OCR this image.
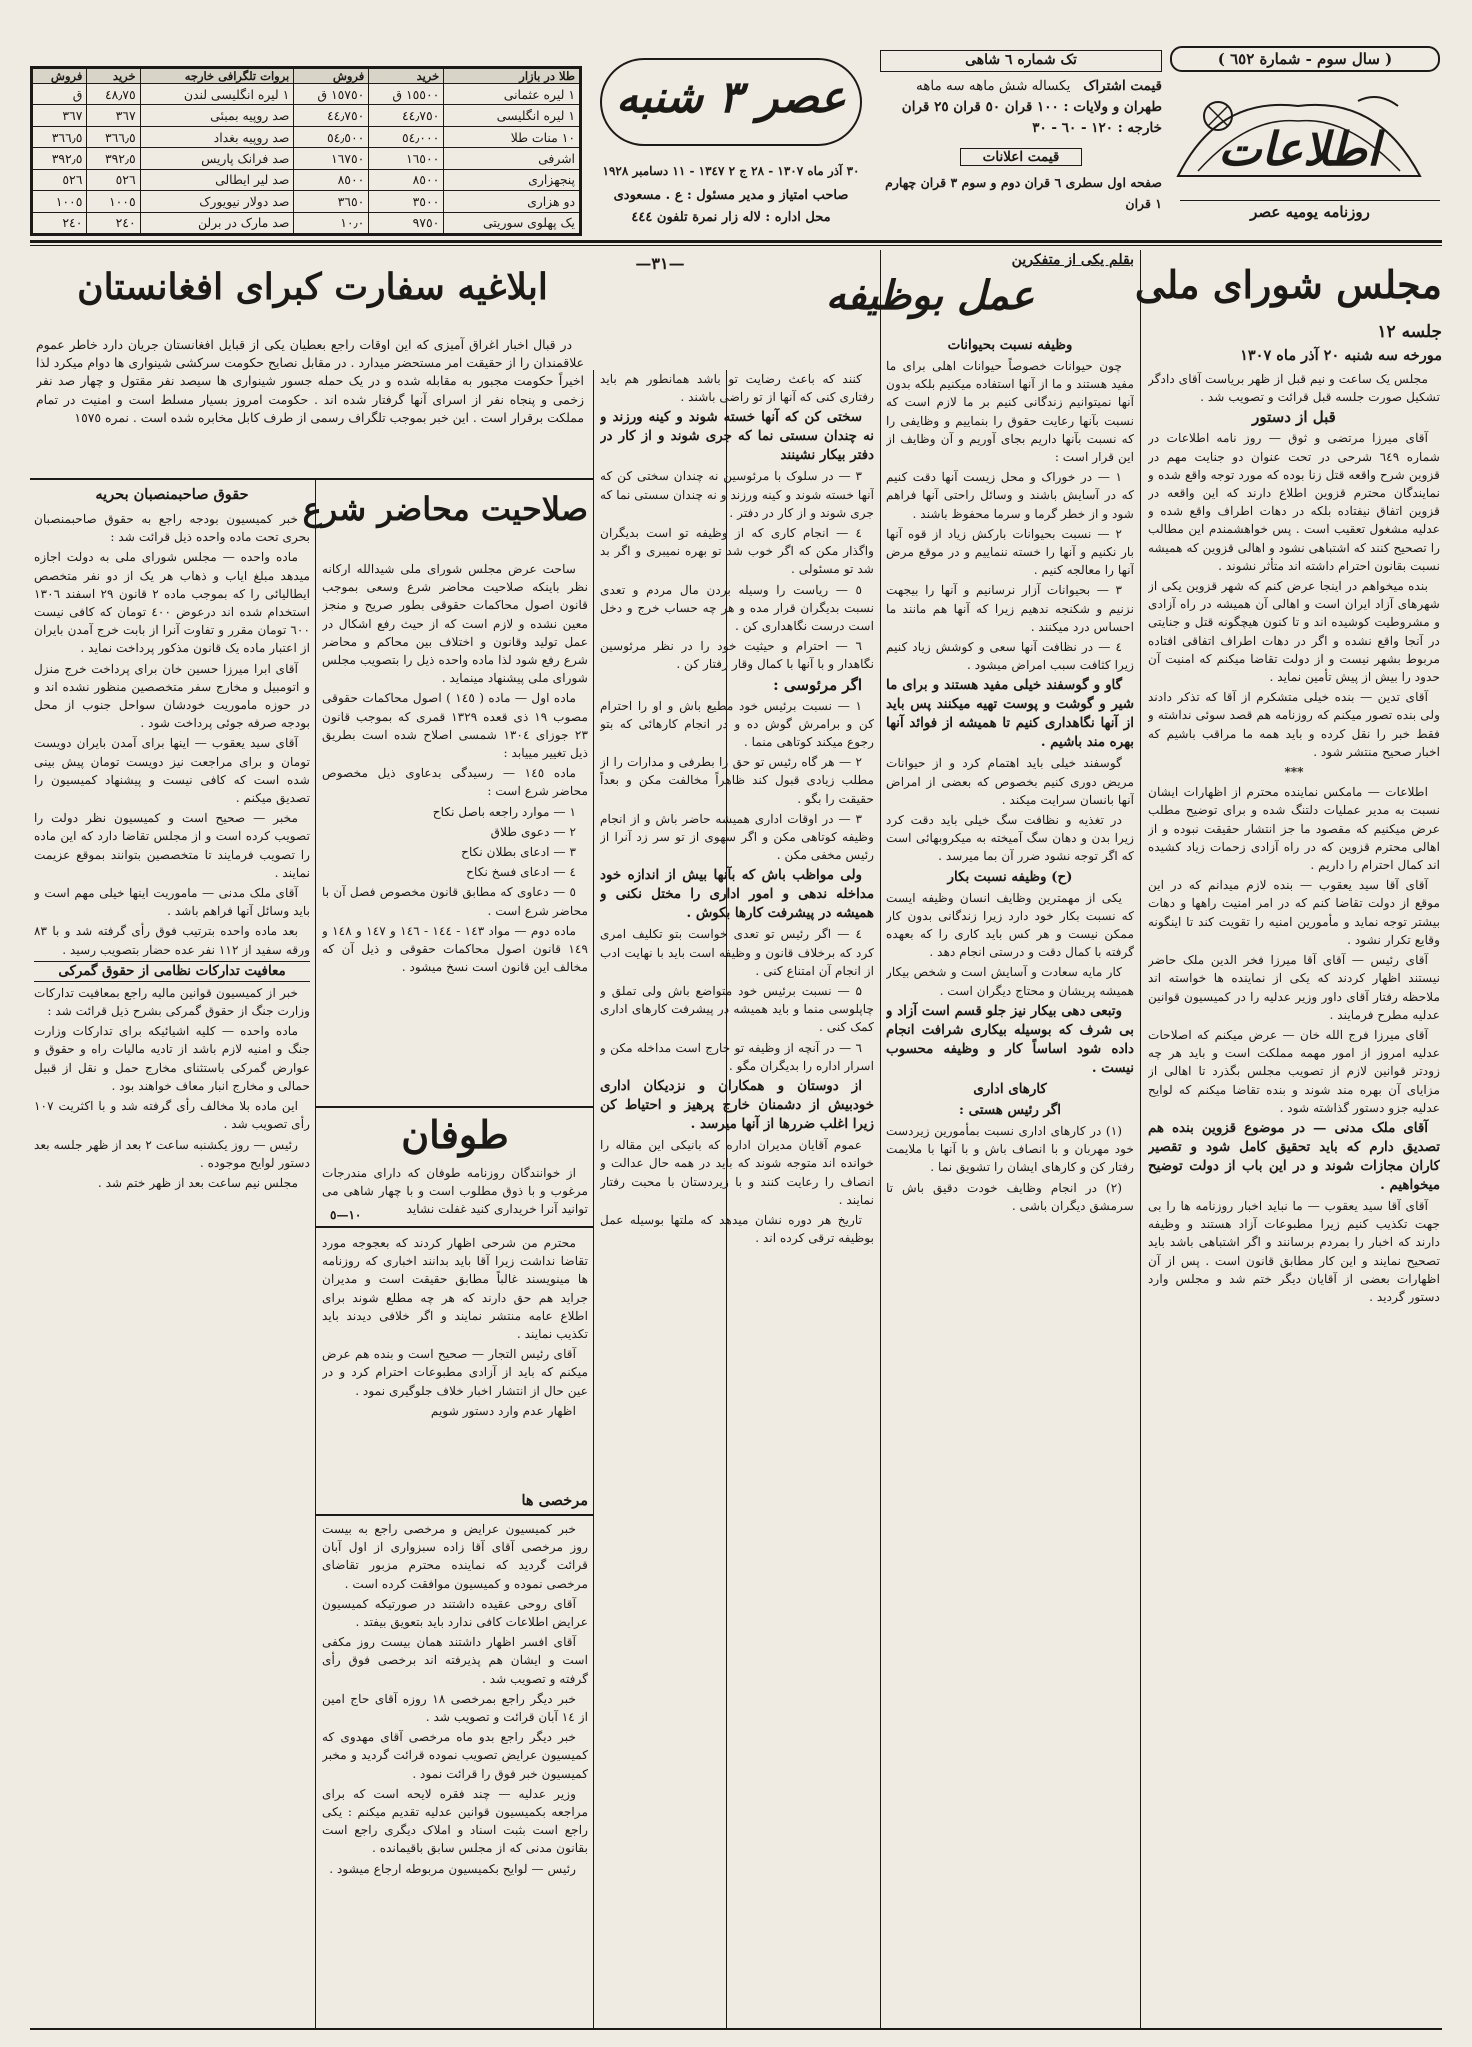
( سال سوم - شمارة ٦٥٢ )
اطلاعات
روزنامه یومیه عصر
تک شماره ٦ شاهی
قیمت اشتراک   یکساله شش ماهه سه ماهه
طهران و ولایات : ١٠٠ قران ٥٠ قران ٢٥ قران
خارجه : ١٢٠ - ٦٠ - ٣٠
قیمت اعلانات
صفحه اول سطری ٦ قران دوم و سوم ٣ قران چهارم ١ قران
عصر ٣ شنبه
٣٠ آذر ماه ١٣٠٧ - ٢٨ ج ٢ ١٣٤٧ - ١١ دسامبر ١٩٢٨
صاحب امتیاز و مدیر مسئول : ع . مسعودی
محل اداره : لاله زار نمرة تلفون ٤٤٤
طلا در بازار	خرید	فروش	بروات تلگرافی خارجه	خرید	فروش
١ لیره عثمانی	١٥٥٠٠ ق	١٥٧٥٠ ق	١ لیره انگلیسی لندن	٤٨٫٧٥	ق
١ لیره انگلیسی	٤٤٫٧٥٠	٤٤٫٧٥٠	صد روپیه بمبئی	٣٦٧	٣٦٧
١٠ منات طلا	٥٤٫٠٠٠	٥٤٫٥٠٠	صد روپیه بغداد	٣٦٦٫٥	٣٦٦٫٥
اشرفی	١٦٥٠٠	١٦٧٥٠	صد فرانک پاریس	٣٩٢٫٥	٣٩٢٫٥
پنجهزاری	٨٥٠٠	٨٥٠٠	صد لیر ایطالی	٥٢٦	٥٢٦
دو هزاری	٣٥٠٠	٣٦٥٠	صد دولار نیویورک	١٠٠٥	١٠٠٥
یک پهلوی سوریتی	٩٧٥٠	١٠٫٠	صد مارک در برلن	٢٤٠	٢٤٠
مجلس شورای ملی
جلسه ١٢
مورخه سه شنبه ٢٠ آذر ماه ١٣٠٧

مجلس یک ساعت و نیم قبل از ظهر بریاست آقای دادگر تشکیل صورت جلسه قبل قرائت و تصویب شد .

قبل از دستور

آقای میرزا مرتضی و ثوق — روز نامه اطلاعات در شماره ٦٤٩ شرحی در تحت عنوان دو جنایت مهم در قزوین شرح واقعه قتل زنا بوده که مورد توجه واقع شده و نمایندگان محترم قزوین اطلاع دارند که این واقعه در قزوین اتفاق نیفتاده بلکه در دهات اطراف واقع شده و عدلیه مشغول تعقیب است . پس خواهشمندم این مطالب را تصحیح کنند که اشتباهی نشود و اهالی قزوین که همیشه نسبت بقانون احترام داشته اند متأثر نشوند .

بنده میخواهم در اینجا عرض کنم که شهر قزوین یکی از شهرهای آزاد ایران است و اهالی آن همیشه در راه آزادی و مشروطیت کوشیده اند و تا کنون هیچگونه قتل و جنایتی در آنجا واقع نشده و اگر در دهات اطراف اتفاقی افتاده مربوط بشهر نیست و از دولت تقاضا میکنم که امنیت آن حدود را بیش از پیش تأمین نماید .

آقای تدین — بنده خیلی متشکرم از آقا که تذکر دادند ولی بنده تصور میکنم که روزنامه هم قصد سوئی نداشته و فقط خبر را نقل کرده و باید همه ما مراقب باشیم که اخبار صحیح منتشر شود .

***

اطلاعات — مامکس نماینده محترم از اظهارات ایشان نسبت به مدیر عملیات دلتنگ شده و برای توضیح مطلب عرض میکنیم که مقصود ما جز انتشار حقیقت نبوده و از اهالی محترم قزوین که در راه آزادی زحمات زیاد کشیده اند کمال احترام را داریم .

آقای آقا سید یعقوب — بنده لازم میدانم که در این موقع از دولت تقاضا کنم که در امر امنیت راهها و دهات بیشتر توجه نماید و مأمورین امنیه را تقویت کند تا اینگونه وقایع تکرار نشود .

آقای رئیس — آقای آقا میرزا فخر الدین ملک حاضر نیستند اظهار کردند که یکی از نماینده ها خواسته اند ملاحظه رفتار آقای داور وزیر عدلیه را در کمیسیون قوانین عدلیه مطرح فرمایند .

آقای میرزا فرج الله خان — عرض میکنم که اصلاحات عدلیه امروز از امور مهمه مملکت است و باید هر چه زودتر قوانین لازم از تصویب مجلس بگذرد تا اهالی از مزایای آن بهره مند شوند و بنده تقاضا میکنم که لوایح عدلیه جزو دستور گذاشته شود .

آقای ملک مدنی — در موضوع قزوین بنده هم تصدیق دارم که باید تحقیق کامل شود و تقصیر کاران مجازات شوند و در این باب از دولت توضیح میخواهیم .

آقای آقا سید یعقوب — ما نباید اخبار روزنامه ها را بی جهت تکذیب کنیم زیرا مطبوعات آزاد هستند و وظیفه دارند که اخبار را بمردم برسانند و اگر اشتباهی باشد باید تصحیح نمایند و این کار مطابق قانون است . پس از آن اظهارات بعضی از آقایان دیگر ختم شد و مجلس وارد دستور گردید .

بقلم یکی از متفکرین
—٣١—
عمل بوظیفه

وظیفه نسبت بحیوانات

چون حیوانات خصوصاً حیوانات اهلی برای ما مفید هستند و ما از آنها استفاده میکنیم بلکه بدون آنها نمیتوانیم زندگانی کنیم بر ما لازم است که نسبت بآنها رعایت حقوق را بنماییم و وظایفی را که نسبت بآنها داریم بجای آوریم و آن وظایف از این قرار است :

١ — در خوراک و محل زیست آنها دقت کنیم که در آسایش باشند و وسائل راحتی آنها فراهم شود و از خطر گرما و سرما محفوظ باشند .

٢ — نسبت بحیوانات بارکش زیاد از قوه آنها بار نکنیم و آنها را خسته ننماییم و در موقع مرض آنها را معالجه کنیم .

٣ — بحیوانات آزار نرسانیم و آنها را بیجهت نزنیم و شکنجه ندهیم زیرا که آنها هم مانند ما احساس درد میکنند .

٤ — در نظافت آنها سعی و کوشش زیاد کنیم زیرا کثافت سبب امراض میشود .

گاو و گوسفند خیلی مفید هستند و برای ما شیر و گوشت و پوست تهیه میکنند پس باید از آنها نگاهداری کنیم تا همیشه از فوائد آنها بهره مند باشیم .

گوسفند خیلی باید اهتمام کرد و از حیوانات مریض دوری کنیم بخصوص که بعضی از امراض آنها بانسان سرایت میکند .

در تغذیه و نظافت سگ خیلی باید دقت کرد زیرا بدن و دهان سگ آمیخته به میکروبهائی است که اگر توجه نشود ضرر آن بما میرسد .

(ح) وظیفه نسبت بکار

یکی از مهمترین وظایف انسان وظیفه ایست که نسبت بکار خود دارد زیرا زندگانی بدون کار ممکن نیست و هر کس باید کاری را که بعهده گرفته با کمال دقت و درستی انجام دهد .

کار مایه سعادت و آسایش است و شخص بیکار همیشه پریشان و محتاج دیگران است .

وتبعی دهی بیکار نیز جلو قسم است آزاد و بی شرف که بوسیله بیکاری شرافت انجام داده شود اساساً کار و وظیفه محسوب نیست .

کارهای اداری

اگر رئیس هستی :

(١) در کارهای اداری نسبت بمأمورین زیردست خود مهربان و با انصاف باش و با آنها با ملایمت رفتار کن و کارهای ایشان را تشویق نما .

(٢) در انجام وظایف خودت دقیق باش تا سرمشق دیگران باشی .

کنند که باعث رضایت تو باشد همانطور هم باید رفتاری کنی که آنها از تو راضی باشند .

سختی کن که آنها خسته شوند و کینه ورزند و نه چندان سستی نما که جری شوند و از کار در دفتر بیکار نشینند

٣ — در سلوک با مرئوسین نه چندان سختی کن که آنها خسته شوند و کینه ورزند و نه چندان سستی نما که جری شوند و از کار در دفتر .

٤ — انجام کاری که از وظیفه تو است بدیگران واگذار مکن که اگر خوب شد تو بهره نمیبری و اگر بد شد تو مسئولی .

٥ — ریاست را وسیله بردن مال مردم و تعدی نسبت بدیگران قرار مده و هر چه حساب خرج و دخل است درست نگاهداری کن .

٦ — احترام و حیثیت خود را در نظر مرئوسین نگاهدار و با آنها با کمال وقار رفتار کن .

اگر مرئوسی :

١ — نسبت برئیس خود مطیع باش و او را احترام کن و برامرش گوش ده و در انجام کارهائی که بتو رجوع میکند کوتاهی منما .

٢ — هر گاه رئیس تو حق را بطرفی و مدارات را از مطلب زیادی قبول کند ظاهراً مخالفت مکن و بعداً حقیقت را بگو .

٣ — در اوقات اداری همیشه حاضر باش و از انجام وظیفه کوتاهی مکن و اگر سهوی از تو سر زد آنرا از رئیس مخفی مکن .

ولی مواظب باش که بآنها بیش از اندازه خود مداخله ندهی و امور اداری را مختل نکنی و همیشه در پیشرفت کارها بکوش .

٤ — اگر رئیس تو تعدی خواست بتو تکلیف امری کرد که برخلاف قانون و وظیفه است باید با نهایت ادب از انجام آن امتناع کنی .

۵ — نسبت برئیس خود متواضع باش ولی تملق و چاپلوسی منما و باید همیشه در پیشرفت کارهای اداری کمک کنی .

٦ — در آنچه از وظیفه تو خارج است مداخله مکن و اسرار اداره را بدیگران مگو .

از دوستان و همکاران و نزدیکان اداری خودبیش از دشمنان خارج پرهیز و احتیاط کن زیرا اغلب ضررها از آنها میرسد .

عموم آقایان مدیران اداره که بانیکی این مقاله را خوانده اند متوجه شوند که باید در همه حال عدالت و انصاف را رعایت کنند و با زیردستان با محبت رفتار نمایند .

تاریخ هر دوره نشان میدهد که ملتها بوسیله عمل بوظیفه ترقی کرده اند .

ابلاغیه سفارت کبرای افغانستان

در قبال اخبار اغراق آمیزی که این اوقات راجع بعطیان یکی از قبایل افغانستان جریان دارد خاطر عموم علاقمندان را از حقیقت امر مستحضر میدارد . در مقابل نصایح حکومت سرکشی شینواری ها دوام میکرد لذا اخیراً حکومت مجبور به مقابله شده و در یک حمله جسور شینواری ها سیصد نفر مقتول و چهار صد نفر زخمی و پنجاه نفر از اسرای آنها گرفتار شده اند . حکومت امروز بسیار مسلط است و امنیت در تمام مملکت برقرار است . این خبر بموجب تلگراف رسمی از طرف کابل مخابره شده است . نمره ١٥٧٥

حقوق صاحبمنصبان بحریه

خبر کمیسیون بودجه راجع به حقوق صاحبمنصبان بحری تحت ماده واحده ذیل قرائت شد :

ماده واحده — مجلس شورای ملی به دولت اجازه میدهد مبلغ ایاب و ذهاب هر یک از دو نفر متخصص ایطالیائی را که بموجب ماده ٢ قانون ٢٩ اسفند ١٣٠٦ استخدام شده اند درعوض ٤٠٠ تومان که کافی نیست ٦٠٠ تومان مقرر و تفاوت آنرا از بابت خرج آمدن بایران از اعتبار ماده یک قانون مذکور پرداخت نماید .

آقای ابرا میرزا حسین خان برای پرداخت خرج منزل و اتومبیل و مخارج سفر متخصصین منظور نشده اند و در حوزه ماموریت خودشان سواحل جنوب از محل بودجه صرفه جوئی پرداخت شود .

آقای سید یعقوب — اینها برای آمدن بایران دویست تومان و برای مراجعت نیز دویست تومان پیش بینی شده است که کافی نیست و پیشنهاد کمیسیون را تصدیق میکنم .

مخبر — صحیح است و کمیسیون نظر دولت را تصویب کرده است و از مجلس تقاضا دارد که این ماده را تصویب فرمایند تا متخصصین بتوانند بموقع عزیمت نمایند .

آقای ملک مدنی — ماموریت اینها خیلی مهم است و باید وسائل آنها فراهم باشد .

بعد ماده واحده بترتیب فوق رأی گرفته شد و با ٨٣ ورقه سفید از ١١٢ نفر عده حضار بتصویب رسید .

معافیت تدارکات نظامی از حقوق گمرکی

خبر از کمیسیون قوانین مالیه راجع بمعافیت تدارکات وزارت جنگ از حقوق گمرکی بشرح ذیل قرائت شد :

ماده واحده — کلیه اشیائیکه برای تدارکات وزارت جنگ و امنیه لازم باشد از تادیه مالیات راه و حقوق و عوارض گمرکی باستثنای مخارج حمل و نقل از قبیل حمالی و مخارج انبار معاف خواهند بود .

این ماده بلا مخالف رأی گرفته شد و با اکثریت ١٠٧ رأی تصویب شد .

رئیس — روز یکشنبه ساعت ٢ بعد از ظهر جلسه بعد دستور لوایح موجوده .

مجلس نیم ساعت بعد از ظهر ختم شد .

صلاحیت محاضر شرع

ساحت عرض مجلس شورای ملی شیدالله ارکانه نظر باینکه صلاحیت محاضر شرع وسعی بموجب قانون اصول محاکمات حقوقی بطور صریح و منجز معین نشده و لازم است که از حیث رفع اشکال در عمل تولید وقانون و اختلاف بین محاکم و محاضر شرع رفع شود لذا ماده واحده ذیل را بتصویب مجلس شورای ملی پیشنهاد مینماید .

ماده اول — ماده ( ١٤٥ ) اصول محاکمات حقوقی مصوب ١٩ ذی قعده ١٣٢٩ قمری که بموجب قانون ٢٣ جوزای ١٣٠٤ شمسی اصلاح شده است بطریق ذیل تغییر مییابد :

ماده ١٤٥ — رسیدگی بدعاوی ذیل مخصوص محاضر شرع است :

١ — موارد راجعه باصل نکاح

٢ — دعوی طلاق

٣ — ادعای بطلان نکاح

٤ — ادعای فسخ نکاح

٥ — دعاوی که مطابق قانون مخصوص فصل آن با محاضر شرع است .

ماده دوم — مواد ١٤٣ - ١٤٤ - ١٤٦ و ١٤٧ و ١٤٨ و ١٤٩ قانون اصول محاکمات حقوقی و ذیل آن که مخالف این قانون است نسخ میشود .

طوفان

از خوانندگان روزنامه طوفان که دارای مندرجات مرغوب و با ذوق مطلوب است و با چهار شاهی می توانید آنرا خریداری کنید غفلت نشاید

١٠—٥

محترم من شرحی اظهار کردند که بعجوجه مورد تقاضا نداشت زیرا آقا باید بدانند اخباری که روزنامه ها مینویسند غالباً مطابق حقیقت است و مدیران جراید هم حق دارند که هر چه مطلع شوند برای اطلاع عامه منتشر نمایند و اگر خلافی دیدند باید تکذیب نمایند .

آقای رئیس التجار — صحیح است و بنده هم عرض میکنم که باید از آزادی مطبوعات احترام کرد و در عین حال از انتشار اخبار خلاف جلوگیری نمود .

اظهار عدم وارد دستور شویم

مرخصی ها

خبر کمیسیون عرایض و مرخصی راجع به بیست روز مرخصی آقای آقا زاده سبزواری از اول آبان قرائت گردید که نماینده محترم مزبور تقاضای مرخصی نموده و کمیسیون موافقت کرده است .

آقای روحی عقیده داشتند در صورتیکه کمیسیون عرایض اطلاعات کافی ندارد باید بتعویق بیفتد .

آقای افسر اظهار داشتند همان بیست روز مکفی است و ایشان هم پذیرفته اند برخصی فوق رأی گرفته و تصویب شد .

خبر دیگر راجع بمرخصی ١٨ روزه آقای حاج امین از ١٤ آبان قرائت و تصویب شد .

خبر دیگر راجع بدو ماه مرخصی آقای مهدوی که کمیسیون عرایض تصویب نموده قرائت گردید و مخبر کمیسیون خبر فوق را قرائت نمود .

وزیر عدلیه — چند فقره لایحه است که برای مراجعه بکمیسیون قوانین عدلیه تقدیم میکنم : یکی راجع است بثبت اسناد و املاک دیگری راجع است بقانون مدنی که از مجلس سابق باقیمانده .

رئیس — لوایح بکمیسیون مربوطه ارجاع میشود .
